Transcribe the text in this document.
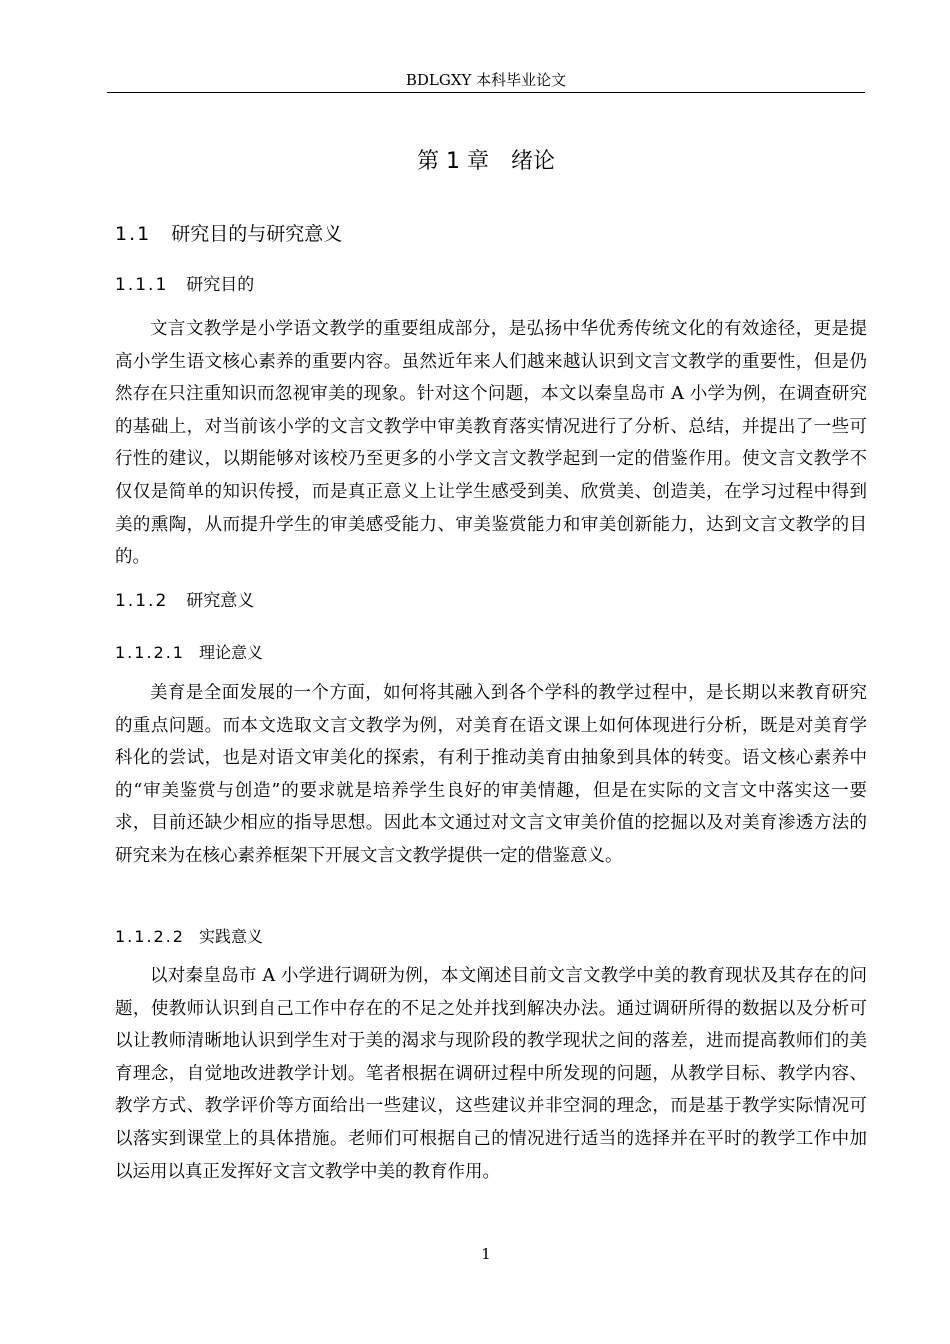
BDLGXY 本科毕业论文
第 1 章　绪论
1.1 研究目的与研究意义
1.1.1 研究目的

文言文教学是小学语文教学的重要组成部分，是弘扬中华优秀传统文化的有效途径，更是提高小学生语文核心素养的重要内容。虽然近年来人们越来越认识到文言文教学的重要性，但是仍然存在只注重知识而忽视审美的现象。针对这个问题，本文以秦皇岛市 A 小学为例，在调查研究的基础上，对当前该小学的文言文教学中审美教育落实情况进行了分析、总结，并提出了一些可行性的建议，以期能够对该校乃至更多的小学文言文教学起到一定的借鉴作用。使文言文教学不仅仅是简单的知识传授，而是真正意义上让学生感受到美、欣赏美、创造美，在学习过程中得到美的熏陶，从而提升学生的审美感受能力、审美鉴赏能力和审美创新能力，达到文言文教学的目的。

1.1.2 研究意义
1.1.2.1 理论意义

美育是全面发展的一个方面，如何将其融入到各个学科的教学过程中，是长期以来教育研究的重点问题。而本文选取文言文教学为例，对美育在语文课上如何体现进行分析，既是对美育学科化的尝试，也是对语文审美化的探索，有利于推动美育由抽象到具体的转变。语文核心素养中的“审美鉴赏与创造”的要求就是培养学生良好的审美情趣，但是在实际的文言文中落实这一要求，目前还缺少相应的指导思想。因此本文通过对文言文审美价值的挖掘以及对美育渗透方法的研究来为在核心素养框架下开展文言文教学提供一定的借鉴意义。

1.1.2.2 实践意义

以对秦皇岛市 A 小学进行调研为例，本文阐述目前文言文教学中美的教育现状及其存在的问题，使教师认识到自己工作中存在的不足之处并找到解决办法。通过调研所得的数据以及分析可以让教师清晰地认识到学生对于美的渴求与现阶段的教学现状之间的落差，进而提高教师们的美育理念，自觉地改进教学计划。笔者根据在调研过程中所发现的问题，从教学目标、教学内容、教学方式、教学评价等方面给出一些建议，这些建议并非空洞的理念，而是基于教学实际情况可以落实到课堂上的具体措施。老师们可根据自己的情况进行适当的选择并在平时的教学工作中加以运用以真正发挥好文言文教学中美的教育作用。

1
